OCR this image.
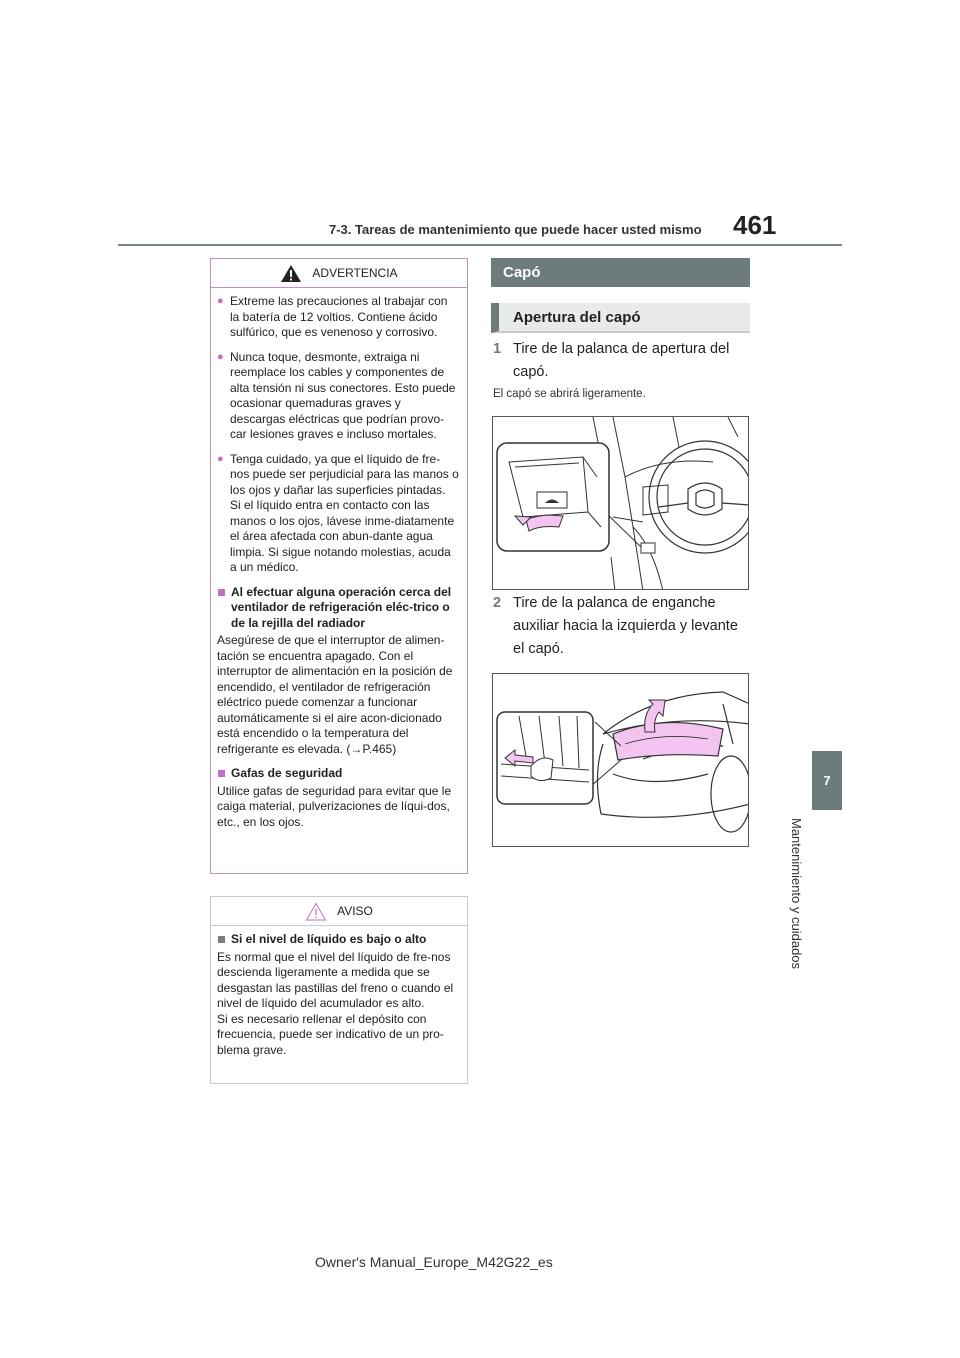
7-3. Tareas de mantenimiento que puede hacer usted mismo 461
7
Mantenimiento y cuidados
ADVERTENCIA
● Extreme las precauciones al trabajar con la batería de 12 voltios. Contiene ácido sulfúrico, que es venenoso y corrosivo.
● Nunca toque, desmonte, extraiga ni reemplace los cables y componentes de alta tensión ni sus conectores. Esto puede ocasionar quemaduras graves y descargas eléctricas que podrían provo-car lesiones graves e incluso mortales.
● Tenga cuidado, ya que el líquido de fre-nos puede ser perjudicial para las manos o los ojos y dañar las superficies pintadas. Si el líquido entra en contacto con las manos o los ojos, lávese inme-diatamente el área afectada con abun-dante agua limpia. Si sigue notando molestias, acuda a un médico.
Al efectuar alguna operación cerca del ventilador de refrigeración eléc-trico o de la rejilla del radiador
Asegúrese de que el interruptor de alimen-tación se encuentra apagado. Con el interruptor de alimentación en la posición de encendido, el ventilador de refrigeración eléctrico puede comenzar a funcionar automáticamente si el aire acon-dicionado está encendido o la temperatura del refrigerante es elevada. (→P.465)
Gafas de seguridad
Utilice gafas de seguridad para evitar que le caiga material, pulverizaciones de líqui-dos, etc., en los ojos.
AVISO
Si el nivel de líquido es bajo o alto
Es normal que el nivel del líquido de fre-nos descienda ligeramente a medida que se desgastan las pastillas del freno o cuando el nivel de líquido del acumulador es alto.
Si es necesario rellenar el depósito con frecuencia, puede ser indicativo de un pro-blema grave.
Capó
Apertura del capó
1 Tire de la palanca de apertura del capó.
El capó se abrirá ligeramente.
2 Tire de la palanca de enganche auxiliar hacia la izquierda y levante el capó.
Owner's Manual_Europe_M42G22_es
